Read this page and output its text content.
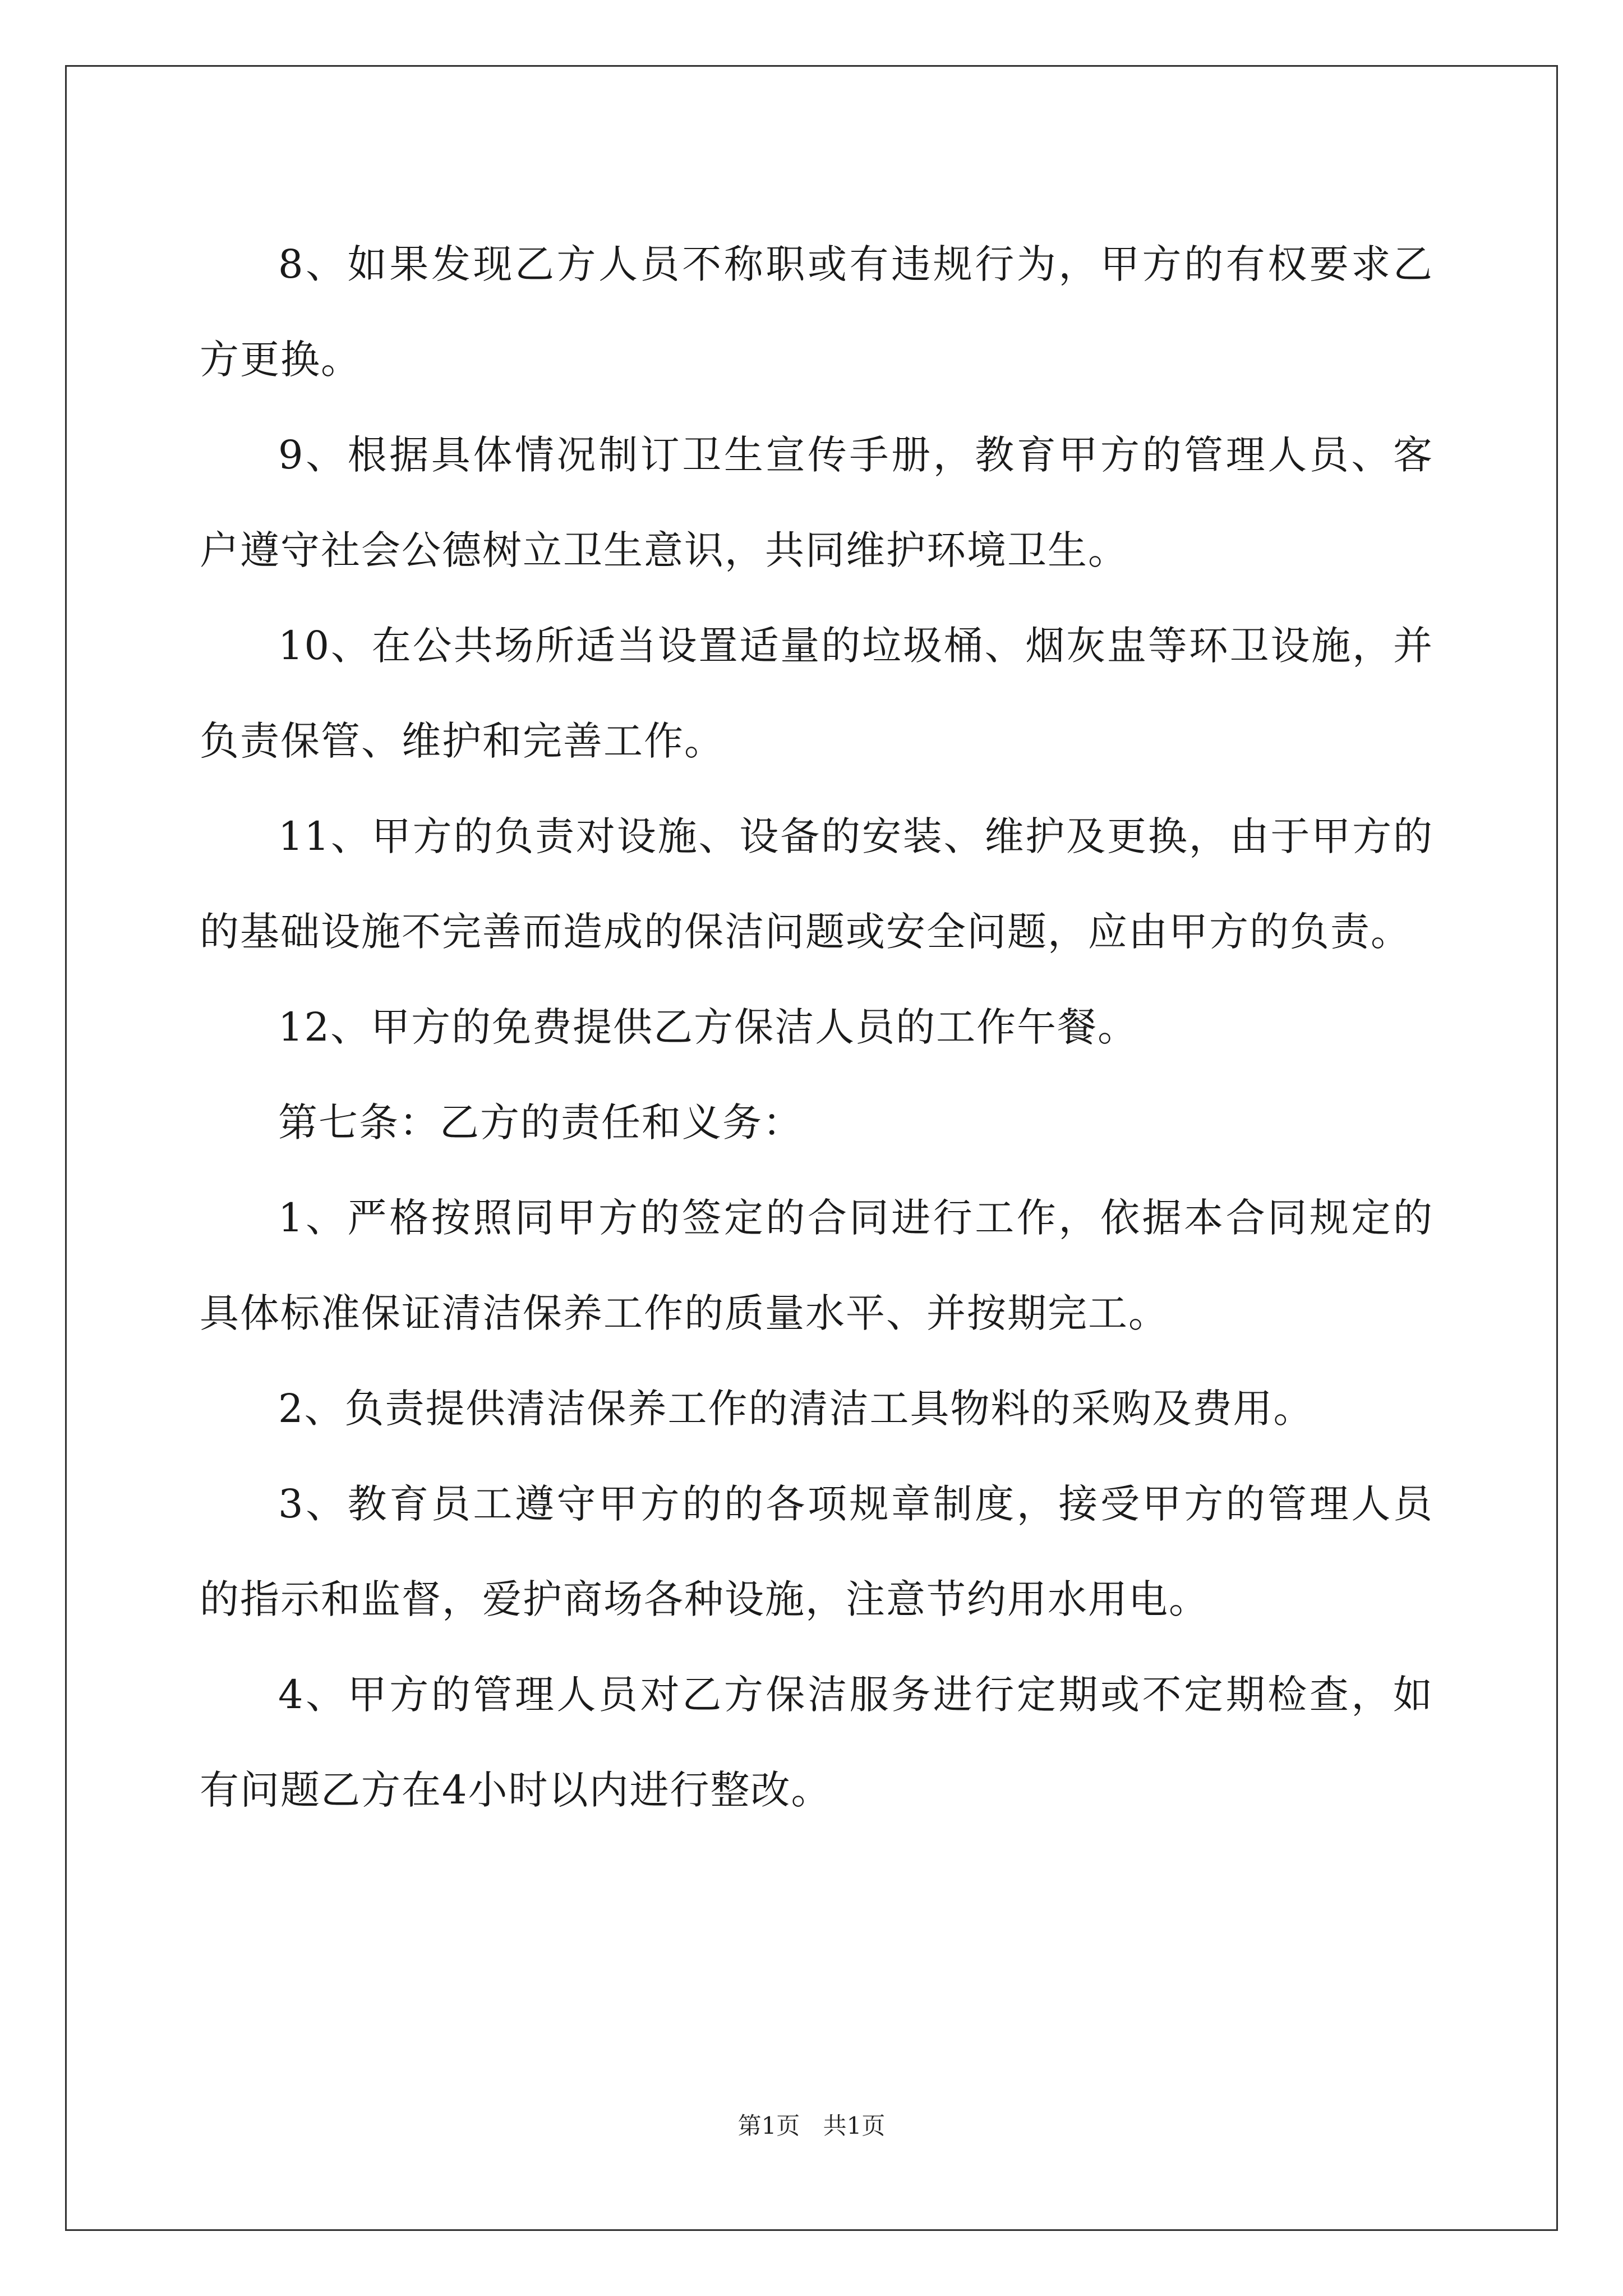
8、如果发现乙方人员不称职或有违规行为，甲方的有权要求乙方更换。

9、根据具体情况制订卫生宣传手册，教育甲方的管理人员、客户遵守社会公德树立卫生意识，共同维护环境卫生。

10、在公共场所适当设置适量的垃圾桶、烟灰盅等环卫设施，并负责保管、维护和完善工作。

11、甲方的负责对设施、设备的安装、维护及更换，由于甲方的的基础设施不完善而造成的保洁问题或安全问题，应由甲方的负责。

12、甲方的免费提供乙方保洁人员的工作午餐。

第七条：乙方的责任和义务：

1、严格按照同甲方的签定的合同进行工作，依据本合同规定的具体标准保证清洁保养工作的质量水平、并按期完工。

2、负责提供清洁保养工作的清洁工具物料的采购及费用。

3、教育员工遵守甲方的的各项规章制度，接受甲方的管理人员的指示和监督，爱护商场各种设施，注意节约用水用电。

4、甲方的管理人员对乙方保洁服务进行定期或不定期检查，如有问题乙方在4小时以内进行整改。

第1页 共1页
